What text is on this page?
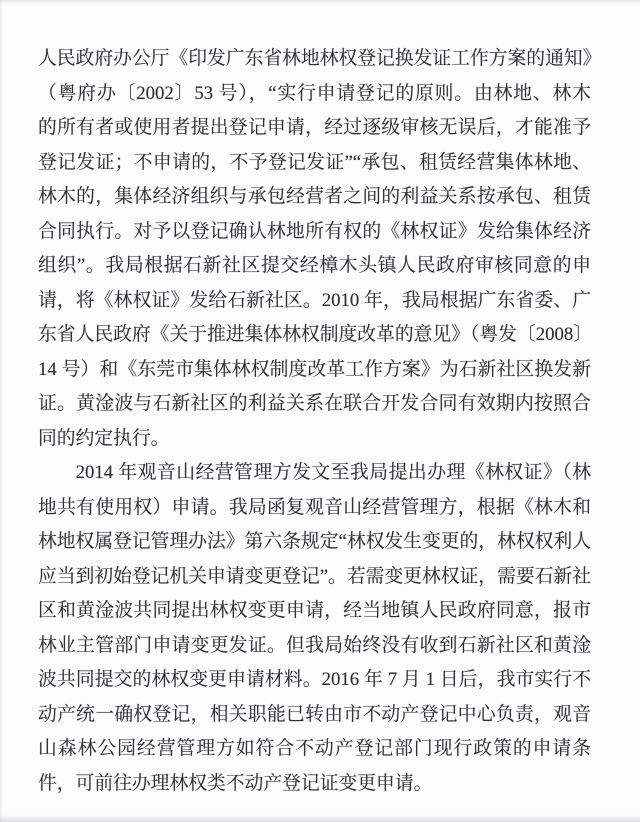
人民政府办公厅《印发广东省林地林权登记换发证工作方案的通知》
（粤府办〔2002〕53 号），“实行申请登记的原则。由林地、林木
的所有者或使用者提出登记申请，经过逐级审核无误后，才能准予
登记发证；不申请的，不予登记发证”“承包、租赁经营集体林地、
林木的，集体经济组织与承包经营者之间的利益关系按承包、租赁
合同执行。对予以登记确认林地所有权的《林权证》发给集体经济
组织”。我局根据石新社区提交经樟木头镇人民政府审核同意的申
请，将《林权证》发给石新社区。2010 年，我局根据广东省委、广
东省人民政府《关于推进集体林权制度改革的意见》（粤发〔2008〕
14 号）和《东莞市集体林权制度改革工作方案》为石新社区换发新
证。黄淦波与石新社区的利益关系在联合开发合同有效期内按照合
同的约定执行。
2014 年观音山经营管理方发文至我局提出办理《林权证》（林
地共有使用权）申请。我局函复观音山经营管理方，根据《林木和
林地权属登记管理办法》第六条规定“林权发生变更的，林权权利人
应当到初始登记机关申请变更登记”。若需变更林权证，需要石新社
区和黄淦波共同提出林权变更申请，经当地镇人民政府同意，报市
林业主管部门申请变更发证。但我局始终没有收到石新社区和黄淦
波共同提交的林权变更申请材料。2016 年 7 月 1 日后，我市实行不
动产统一确权登记，相关职能已转由市不动产登记中心负责，观音
山森林公园经营管理方如符合不动产登记部门现行政策的申请条
件，可前往办理林权类不动产登记证变更申请。
